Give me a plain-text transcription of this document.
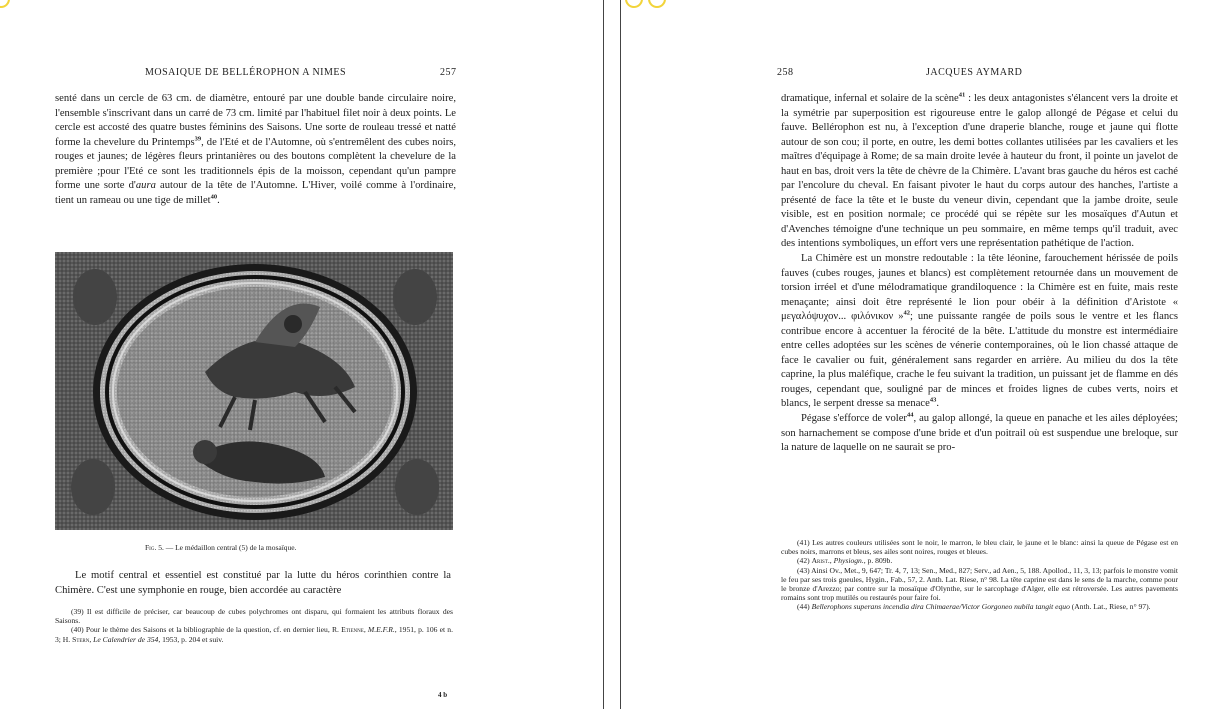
MOSAIQUE DE BELLÉROPHON A NIMES	257

senté dans un cercle de 63 cm. de diamètre, entouré par une double bande circulaire noire, l'ensemble s'inscrivant dans un carré de 73 cm. limité par l'habituel filet noir à deux points. Le cercle est accosté des quatre bustes féminins des Saisons. Une sorte de rouleau tressé et natté forme la chevelure du Printemps$^{39}$, de l'Eté et de l'Automne, où s'entremêlent des cubes noirs, rouges et jaunes; de légères fleurs printanières ou des boutons complètent la chevelure de la première ;pour l'Eté ce sont les traditionnels épis de la moisson, cependant qu'un pampre forme une sorte d'aura autour de la tête de l'Automne. L'Hiver, voilé comme à l'ordinaire, tient un rameau ou une tige de millet$^{40}$.

Fig. 5. — Le médaillon central (5) de la mosaïque.
Le motif central et essentiel est constitué par la lutte du héros corinthien contre la Chimère. C'est une symphonie en rouge, bien accordée au caractère

(39) Il est difficile de préciser, car beaucoup de cubes polychromes ont disparu, qui formaient les attributs floraux des Saisons.

(40) Pour le thème des Saisons et la bibliographie de la question, cf. en dernier lieu, R. Etienne, M.E.F.R., 1951, p. 106 et n. 3; H. Stern, Le Calendrier de 354, 1953, p. 204 et suiv.

4 b
258	JACQUES AYMARD

dramatique, infernal et solaire de la scène$^{41}$ : les deux antagonistes s'élancent vers la droite et la symétrie par superposition est rigoureuse entre le galop allongé de Pégase et celui du fauve. Bellérophon est nu, à l'exception d'une draperie blanche, rouge et jaune qui flotte autour de son cou; il porte, en outre, les demi bottes collantes utilisées par les cavaliers et les maîtres d'équipage à Rome; de sa main droite levée à hauteur du front, il pointe un javelot de haut en bas, droit vers la tête de chèvre de la Chimère. L'avant bras gauche du héros est caché par l'encolure du cheval. En faisant pivoter le haut du corps autour des hanches, l'artiste a présenté de face la tête et le buste du veneur divin, cependant que la jambe droite, seule visible, est en position normale; ce procédé qui se répète sur les mosaïques d'Autun et d'Avenches témoigne d'une technique un peu sommaire, en même temps qu'il traduit, avec des intentions symboliques, un effort vers une représentation pathétique de l'action.

La Chimère est un monstre redoutable : la tête léonine, farouchement hérissée de poils fauves (cubes rouges, jaunes et blancs) est complètement retournée dans un mouvement de torsion irréel et d'une mélodramatique grandiloquence : la Chimère est en fuite, mais reste menaçante; ainsi doit être représenté le lion pour obéir à la définition d'Aristote « μεγαλόψυχον... φιλόνικον »$^{42}$; une puissante rangée de poils sous le ventre et les flancs contribue encore à accentuer la férocité de la bête. L'attitude du monstre est intermédiaire entre celles adoptées sur les scènes de vénerie contemporaines, où le lion chassé attaque de face le cavalier ou fuit, généralement sans regarder en arrière. Au milieu du dos la tête caprine, la plus maléfique, crache le feu suivant la tradition, un puissant jet de flamme en dés rouges, cependant que, souligné par de minces et froides lignes de cubes verts, noirs et blancs, le serpent dresse sa menace$^{43}$.

Pégase s'efforce de voler$^{44}$, au galop allongé, la queue en panache et les ailes déployées; son harnachement se compose d'une bride et d'un poitrail où est suspendue une breloque, sur la nature de laquelle on ne saurait se pro-

(41) Les autres couleurs utilisées sont le noir, le marron, le bleu clair, le jaune et le blanc: ainsi la queue de Pégase est en cubes noirs, marrons et bleus, ses ailes sont noires, rouges et bleues.

(42) Arist., Physiogn., p. 809b.

(43) Ainsi Ov., Met., 9, 647; Tr. 4, 7, 13; Sen., Med., 827; Serv., ad Aen., 5, 188. Apollod., 11, 3, 13; parfois le monstre vomit le feu par ses trois gueules, Hygin., Fab., 57, 2. Anth. Lat. Riese, n° 98. La tête caprine est dans le sens de la marche, comme pour le bronze d'Arezzo; par contre sur la mosaïque d'Olynthe, sur le sarcophage d'Alger, elle est rétroversée. Les autres pavements romains sont trop mutilés ou restaurés pour faire foi.

(44) Bellerophons superans incendia dira Chimaerae/Victor Gorgoneo nubila tangit equo (Anth. Lat., Riese, n° 97).
